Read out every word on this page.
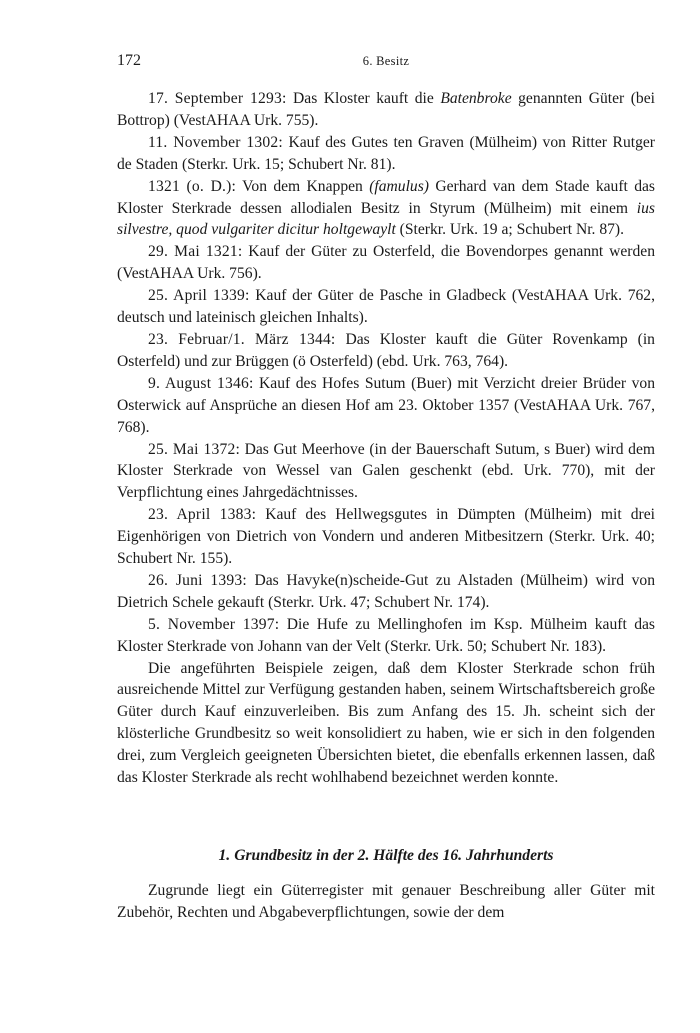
172	6. Besitz

17. September 1293: Das Kloster kauft die Batenbroke genannten Güter (bei Bottrop) (VestAHAA Urk. 755).

11. November 1302: Kauf des Gutes ten Graven (Mülheim) von Ritter Rutger de Staden (Sterkr. Urk. 15; Schubert Nr. 81).

1321 (o. D.): Von dem Knappen (famulus) Gerhard van dem Stade kauft das Kloster Sterkrade dessen allodialen Besitz in Styrum (Mülheim) mit einem ius silvestre, quod vulgariter dicitur holtgewaylt (Sterkr. Urk. 19 a; Schubert Nr. 87).

29. Mai 1321: Kauf der Güter zu Osterfeld, die Bovendorpes genannt werden (VestAHAA Urk. 756).

25. April 1339: Kauf der Güter de Pasche in Gladbeck (VestAHAA Urk. 762, deutsch und lateinisch gleichen Inhalts).

23. Februar/1. März 1344: Das Kloster kauft die Güter Rovenkamp (in Osterfeld) und zur Brüggen (ö Osterfeld) (ebd. Urk. 763, 764).

9. August 1346: Kauf des Hofes Sutum (Buer) mit Verzicht dreier Brüder von Osterwick auf Ansprüche an diesen Hof am 23. Oktober 1357 (VestAHAA Urk. 767, 768).

25. Mai 1372: Das Gut Meerhove (in der Bauerschaft Sutum, s Buer) wird dem Kloster Sterkrade von Wessel van Galen geschenkt (ebd. Urk. 770), mit der Verpflichtung eines Jahrgedächtnisses.

23. April 1383: Kauf des Hellwegsgutes in Dümpten (Mülheim) mit drei Eigenhörigen von Dietrich von Vondern und anderen Mitbesitzern (Sterkr. Urk. 40; Schubert Nr. 155).

26. Juni 1393: Das Havyke(n)scheide-Gut zu Alstaden (Mülheim) wird von Dietrich Schele gekauft (Sterkr. Urk. 47; Schubert Nr. 174).

5. November 1397: Die Hufe zu Mellinghofen im Ksp. Mülheim kauft das Kloster Sterkrade von Johann van der Velt (Sterkr. Urk. 50; Schubert Nr. 183).

Die angeführten Beispiele zeigen, daß dem Kloster Sterkrade schon früh ausreichende Mittel zur Verfügung gestanden haben, seinem Wirtschaftsbereich große Güter durch Kauf einzuverleiben. Bis zum Anfang des 15. Jh. scheint sich der klösterliche Grundbesitz so weit konsolidiert zu haben, wie er sich in den folgenden drei, zum Vergleich geeigneten Übersichten bietet, die ebenfalls erkennen lassen, daß das Kloster Sterkrade als recht wohlhabend bezeichnet werden konnte.

1. Grundbesitz in der 2. Hälfte des 16. Jahrhunderts

Zugrunde liegt ein Güterregister mit genauer Beschreibung aller Güter mit Zubehör, Rechten und Abgabeverpflichtungen, sowie der dem
